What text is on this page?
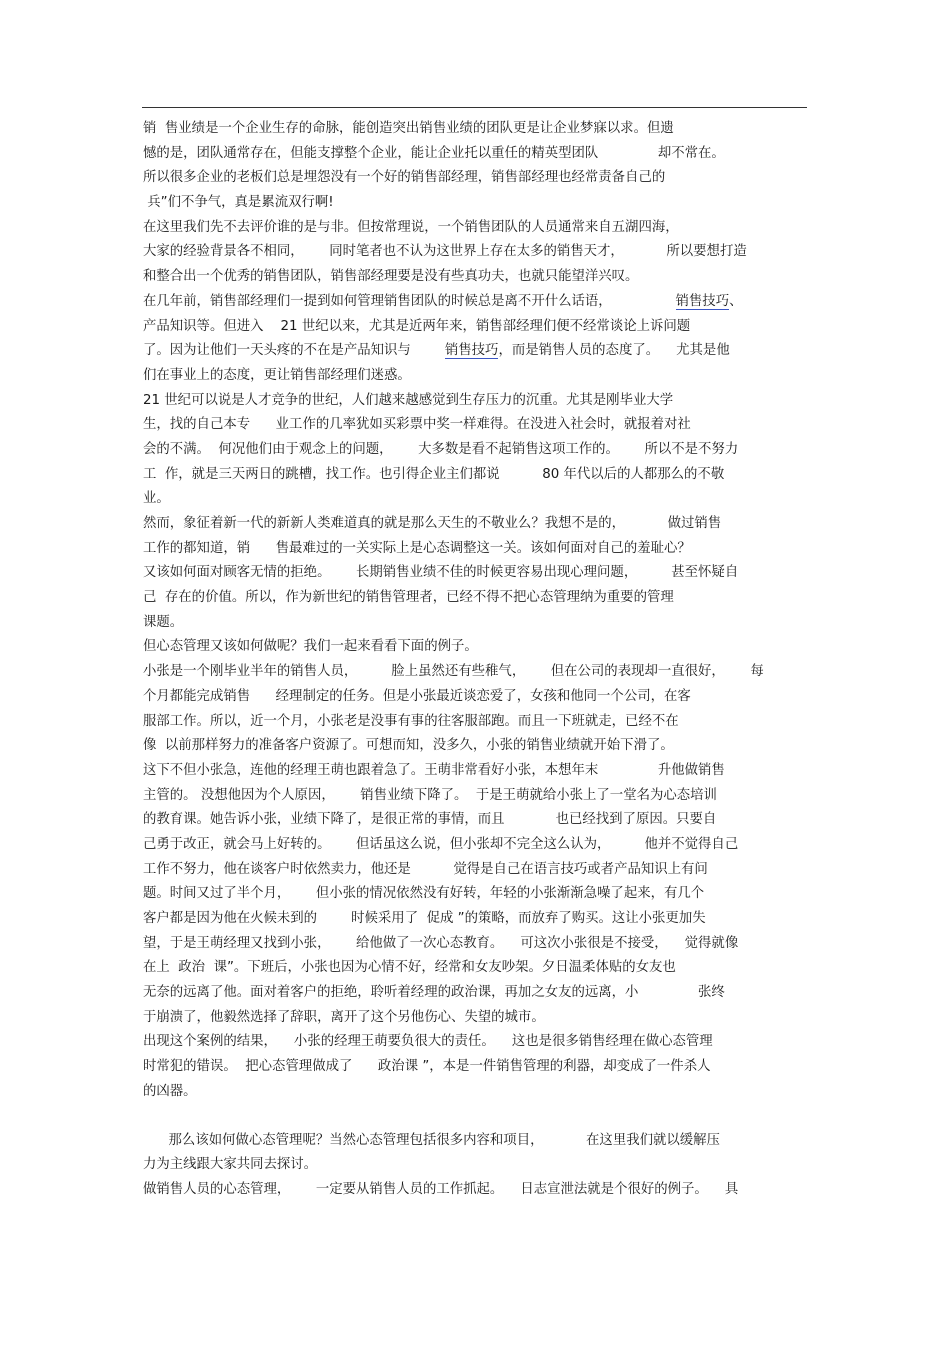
销  售业绩是一个企业生存的命脉，能创造突出销售业绩的团队更是让企业梦寐以求。但遗
憾的是，团队通常存在，但能支撑整个企业，能让企业托以重任的精英型团队              却不常在。
所以很多企业的老板们总是埋怨没有一个好的销售部经理，销售部经理也经常责备自己的
兵”们不争气，真是累流双行啊!
在这里我们先不去评价谁的是与非。但按常理说，一个销售团队的人员通常来自五湖四海，
大家的经验背景各不相同，      同时笔者也不认为这世界上存在太多的销售天才，          所以要想打造
和整合出一个优秀的销售团队，销售部经理要是没有些真功夫，也就只能望洋兴叹。
在几年前，销售部经理们一提到如何管理销售团队的时候总是离不开什么话语，               销售技巧、
产品知识等。但进入    21 世纪以来，尤其是近两年来，销售部经理们便不经常谈论上诉问题
了。因为让他们一天头疼的不在是产品知识与        销售技巧，而是销售人员的态度了。    尤其是他
们在事业上的态度，更让销售部经理们迷惑。
21 世纪可以说是人才竞争的世纪，人们越来越感觉到生存压力的沉重。尤其是刚毕业大学
生，找的自己本专      业工作的几率犹如买彩票中奖一样难得。在没进入社会时，就报着对社
会的不满。  何况他们由于观念上的问题，      大多数是看不起销售这项工作的。      所以不是不努力
工  作，就是三天两日的跳槽，找工作。也引得企业主们都说          80 年代以后的人都那么的不敬
业。
然而，象征着新一代的新新人类难道真的就是那么天生的不敬业么？我想不是的，          做过销售
工作的都知道，销      售最难过的一关实际上是心态调整这一关。该如何面对自己的羞耻心？
又该如何面对顾客无情的拒绝。      长期销售业绩不佳的时候更容易出现心理问题，        甚至怀疑自
己  存在的价值。所以，作为新世纪的销售管理者，已经不得不把心态管理纳为重要的管理
课题。
但心态管理又该如何做呢？我们一起来看看下面的例子。
小张是一个刚毕业半年的销售人员，        脸上虽然还有些稚气，      但在公司的表现却一直很好，      每
个月都能完成销售      经理制定的任务。但是小张最近谈恋爱了，女孩和他同一个公司，在客
服部工作。所以，近一个月，小张老是没事有事的往客服部跑。而且一下班就走，已经不在
像  以前那样努力的准备客户资源了。可想而知，没多久，小张的销售业绩就开始下滑了。
这下不但小张急，连他的经理王萌也跟着急了。王萌非常看好小张，本想年末              升他做销售
主管的。 没想他因为个人原因，      销售业绩下降了。  于是王萌就给小张上了一堂名为心态培训
的教育课。她告诉小张，业绩下降了，是很正常的事情，而且            也已经找到了原因。只要自
己勇于改正，就会马上好转的。      但话虽这么说，但小张却不完全这么认为，        他并不觉得自己
工作不努力，他在谈客户时依然卖力，他还是          觉得是自己在语言技巧或者产品知识上有问
题。时间又过了半个月，      但小张的情况依然没有好转，年轻的小张渐渐急噪了起来，有几个
客户都是因为他在火候未到的        时候采用了  促成 ”的策略，而放弃了购买。这让小张更加失
望，于是王萌经理又找到小张，      给他做了一次心态教育。    可这次小张很是不接受，    觉得就像
在上  政治  课”。下班后，小张也因为心情不好，经常和女友吵架。夕日温柔体贴的女友也
无奈的远离了他。面对着客户的拒绝，聆听着经理的政治课，再加之女友的远离，小              张终
于崩溃了，他毅然选择了辞职，离开了这个另他伤心、失望的城市。
出现这个案例的结果，    小张的经理王萌要负很大的责任。    这也是很多销售经理在做心态管理
时常犯的错误。  把心态管理做成了      政治课 ”，本是一件销售管理的利器，却变成了一件杀人
的凶器。
那么该如何做心态管理呢？当然心态管理包括很多内容和项目，          在这里我们就以缓解压
力为主线跟大家共同去探讨。
做销售人员的心态管理，      一定要从销售人员的工作抓起。    日志宣泄法就是个很好的例子。    具
